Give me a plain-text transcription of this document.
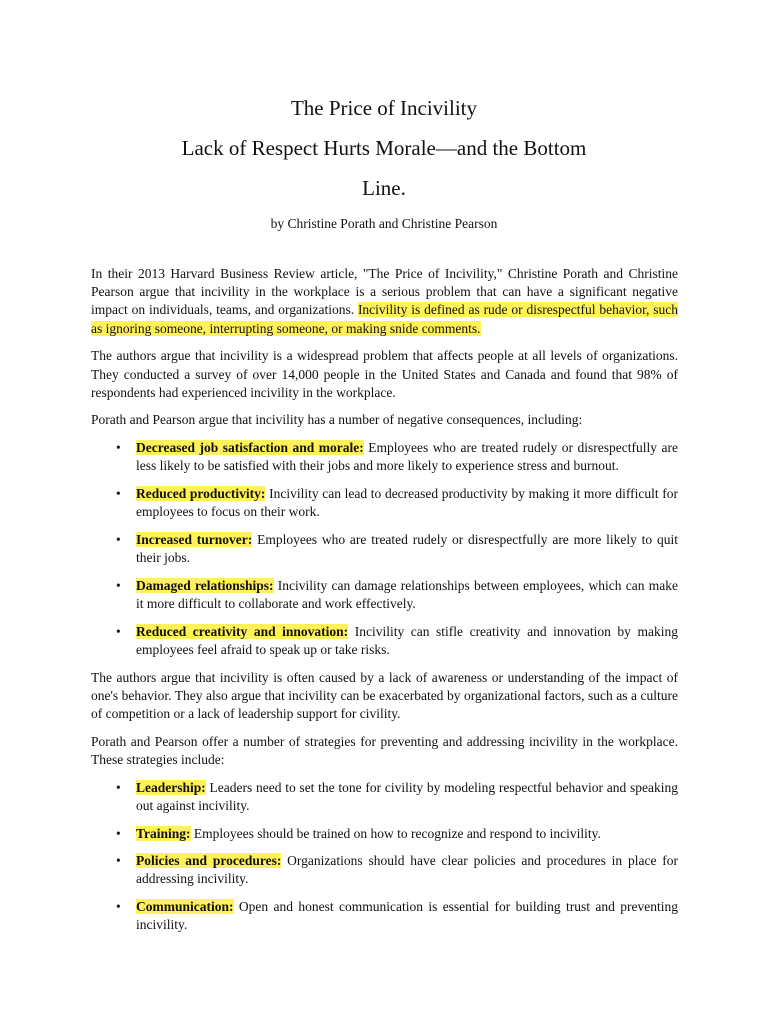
The Price of Incivility
Lack of Respect Hurts Morale—and the Bottom
Line.
by Christine Porath and Christine Pearson

In their 2013 Harvard Business Review article, "The Price of Incivility," Christine Porath and Christine Pearson argue that incivility in the workplace is a serious problem that can have a significant negative impact on individuals, teams, and organizations. Incivility is defined as rude or disrespectful behavior, such as ignoring someone, interrupting someone, or making snide comments.

The authors argue that incivility is a widespread problem that affects people at all levels of organizations. They conducted a survey of over 14,000 people in the United States and Canada and found that 98% of respondents had experienced incivility in the workplace.

Porath and Pearson argue that incivility has a number of negative consequences, including:

• Decreased job satisfaction and morale: Employees who are treated rudely or disrespectfully are less likely to be satisfied with their jobs and more likely to experience stress and burnout.
• Reduced productivity: Incivility can lead to decreased productivity by making it more difficult for employees to focus on their work.
• Increased turnover: Employees who are treated rudely or disrespectfully are more likely to quit their jobs.
• Damaged relationships: Incivility can damage relationships between employees, which can make it more difficult to collaborate and work effectively.
• Reduced creativity and innovation: Incivility can stifle creativity and innovation by making employees feel afraid to speak up or take risks.

The authors argue that incivility is often caused by a lack of awareness or understanding of the impact of one's behavior. They also argue that incivility can be exacerbated by organizational factors, such as a culture of competition or a lack of leadership support for civility.

Porath and Pearson offer a number of strategies for preventing and addressing incivility in the workplace. These strategies include:

• Leadership: Leaders need to set the tone for civility by modeling respectful behavior and speaking out against incivility.
• Training: Employees should be trained on how to recognize and respond to incivility.
• Policies and procedures: Organizations should have clear policies and procedures in place for addressing incivility.
• Communication: Open and honest communication is essential for building trust and preventing incivility.
